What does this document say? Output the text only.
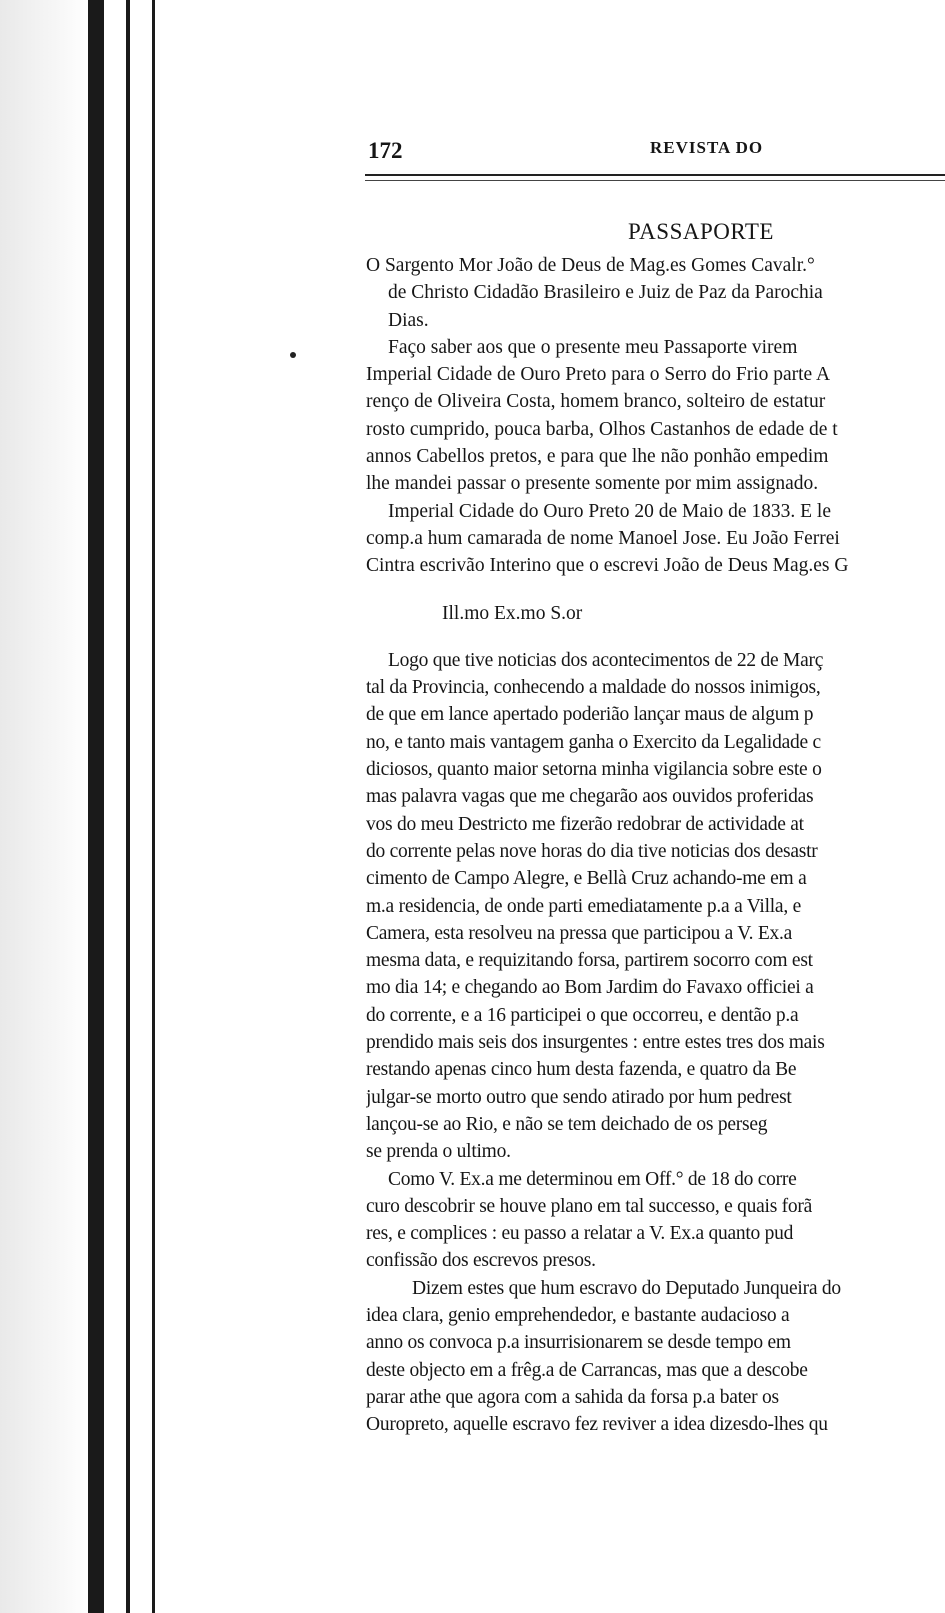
172	REVISTA DO
PASSAPORTE
O Sargento Mor João de Deus de Mag.es Gomes Cavalr.°
de Christo Cidadão Brasileiro e Juiz de Paz da Parochia
Dias.
Faço saber aos que o presente meu Passaporte virem
Imperial Cidade de Ouro Preto para o Serro do Frio parte A
renço de Oliveira Costa, homem branco, solteiro de estatur
rosto cumprido, pouca barba, Olhos Castanhos de edade de t
annos Cabellos pretos, e para que lhe não ponhão empedim
lhe mandei passar o presente somente por mim assignado.
Imperial Cidade do Ouro Preto 20 de Maio de 1833. E le
comp.a hum camarada de nome Manoel Jose. Eu João Ferrei
Cintra escrivão Interino que o escrevi João de Deus Mag.es G
Ill.mo Ex.mo S.or
Logo que tive noticias dos acontecimentos de 22 de Març
tal da Provincia, conhecendo a maldade do nossos inimigos,
de que em lance apertado poderião lançar maus de algum p
no, e tanto mais vantagem ganha o Exercito da Legalidade c
diciosos, quanto maior setorna minha vigilancia sobre este o
mas palavra vagas que me chegarão aos ouvidos proferidas
vos do meu Destricto me fizerão redobrar de actividade at
do corrente pelas nove horas do dia tive noticias dos desastr
cimento de Campo Alegre, e Bellà Cruz achando-me em a
m.a residencia, de onde parti emediatamente p.a a Villa, e
Camera, esta resolveu na pressa que participou a V. Ex.a
mesma data, e requizitando forsa, partirem socorro com est
mo dia 14; e chegando ao Bom Jardim do Favaxo officiei a
do corrente, e a 16 participei o que occorreu, e dentão p.a
prendido mais seis dos insurgentes : entre estes tres dos mais
restando apenas cinco hum desta fazenda, e quatro da Be
julgar-se morto outro que sendo atirado por hum pedrest
lançou-se ao Rio, e não se tem deichado de os perseg
se prenda o ultimo.
Como V. Ex.a me determinou em Off.° de 18 do corre
curo descobrir se houve plano em tal successo, e quais forã
res, e complices : eu passo a relatar a V. Ex.a quanto pud
confissão dos escrevos presos.
Dizem estes que hum escravo do Deputado Junqueira do
idea clara, genio emprehendedor, e bastante audacioso a
anno os convoca p.a insurrisionarem se desde tempo em
deste objecto em a frêg.a de Carrancas, mas que a descobe
parar athe que agora com a sahida da forsa p.a bater os
Ouropreto, aquelle escravo fez reviver a idea dizesdo-lhes qu
